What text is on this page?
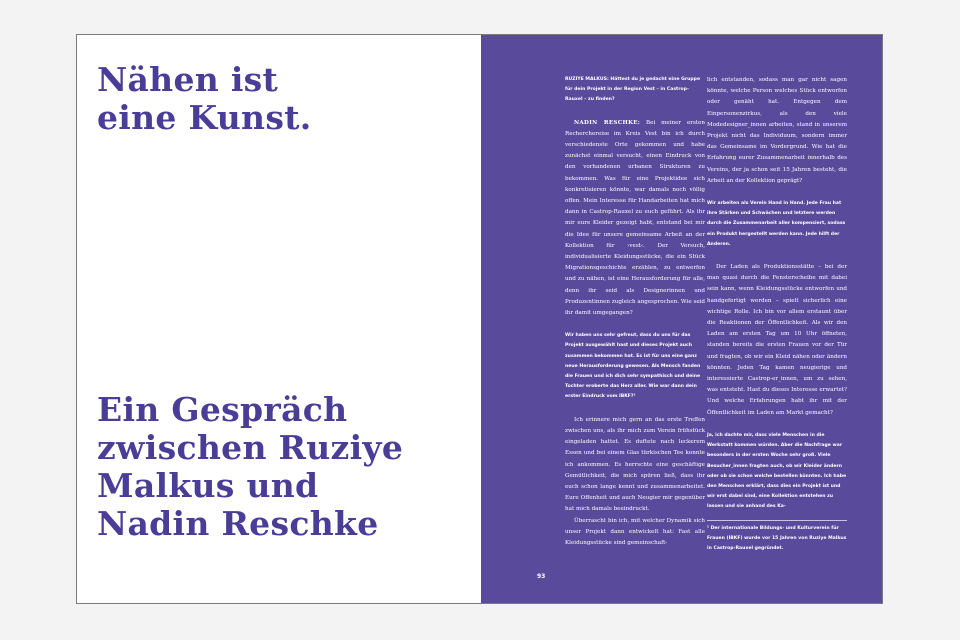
Nähen ist
eine Kunst.
Ein Gespräch
zwischen Ruziye
Malkus und
Nadin Reschke

RUZIYE MALKUS: Hättest du je gedacht eine Gruppe für dein Projekt in der Region Vest – in Castrop-Rauxel – zu finden?

NADIN RESCHKE: Bei meiner ersten Recherchereise im Kreis Vest bin ich durch verschiedenste Orte gekommen und habe zunächst einmal versucht, einen Eindruck von den vorhandenen urbanen Strukturen zu bekommen. Was für eine Projektidee sich konkretisieren könnte, war damals noch völlig offen. Mein Interesse für Handarbeiten hat mich dann in Castrop-Rauxel zu euch geführt. Als ihr mir eure Kleider gezeigt habt, entstand bei mir die Idee für unsere gemeinsame Arbeit an der Kollektion für ›vest‹. Der Versuch, individualisierte Kleidungsstücke, die ein Stück Migrationsgeschichte erzählen, zu entwerfen und zu nähen, ist eine Herausforderung für alle, denn ihr seid als Designerinnen und Produzentinnen zugleich angesprochen. Wie seid ihr damit umgegangen?

Wir haben uns sehr gefreut, dass du uns für das Projekt ausgewählt hast und dieses Projekt auch zusammen bekommen hat. Es ist für uns eine ganz neue Herausforderung gewesen. Als Mensch fanden die Frauen und ich dich sehr sympathisch und deine Tochter eroberte das Herz aller. Wie war dann dein erster Eindruck vom IBKF?¹

Ich erinnere mich gern an das erste Treffen zwischen uns, als ihr mich zum Verein frühstück eingeladen hattet. Es duftete nach leckerem Essen und bei einem Glas türkischen Tee konnte ich ankommen. Es herrschte eine geschäftige Gemütlichkeit, die mich spüren ließ, dass ihr euch schon lange kennt und zusammenarbeitet. Eure Offenheit und auch Neugier mir gegenüber hat mich damals beeindruckt.

Überrascht bin ich, mit welcher Dynamik sich unser Projekt dann entwickelt hat: Fast alle Kleidungsstücke sind gemeinschaft-

lich entstanden, sodass man gar nicht sagen könnte, welche Person welches Stück entworfen oder genäht hat. Entgegen dem Einpersonenzirkus, als den viele Modedesigner_innen arbeiten, stand in unserem Projekt nicht das Individuum, sondern immer das Gemeinsame im Vordergrund. Wie hat die Erfahrung eurer Zusammenarbeit innerhalb des Vereins, der ja schon seit 15 Jahren besteht, die Arbeit an der Kollektion geprägt?

Wir arbeiten als Verein Hand in Hand. Jede Frau hat ihre Stärken und Schwächen und letztere werden durch die Zusammenarbeit aller kompensiert, sodass ein Produkt hergestellt werden kann. Jede hilft der Anderen.

Der Laden als Produktionsstätte – bei der man quasi durch die Fensterscheibe mit dabei sein kann, wenn Kleidungsstücke entworfen und handgefertigt werden – spielt sicherlich eine wichtige Rolle. Ich bin vor allem erstaunt über die Reaktionen der Öffentlichkeit. Als wir den Laden am ersten Tag um 10 Uhr öffneten, standen bereits die ersten Frauen vor der Tür und fragten, ob wir ein Kleid nähen oder ändern könnten. Jeden Tag kamen neugierige und interessierte Castrop-er_innen, um zu sehen, was entsteht. Hast du dieses Interesse erwartet? Und welche Erfahrungen habt ihr mit der Öffentlichkeit im Laden am Markt gemacht?

Ja, ich dachte mir, dass viele Menschen in die Werkstatt kommen würden. Aber die Nachfrage war besonders in der ersten Woche sehr groß. Viele Besucher_innen fragten auch, ob wir Kleider ändern oder ob sie schon welche bestellen könnten. Ich habe den Menschen erklärt, dass dies ein Projekt ist und wir erst dabei sind, eine Kollektion entstehen zu lassen und sie anhand des Ka-

¹ Der internationale Bildungs- und Kulturverein für Frauen (IBKF) wurde vor 15 Jahren von Ruziye Malkus in Castrop-Rauxel gegründet.
93
